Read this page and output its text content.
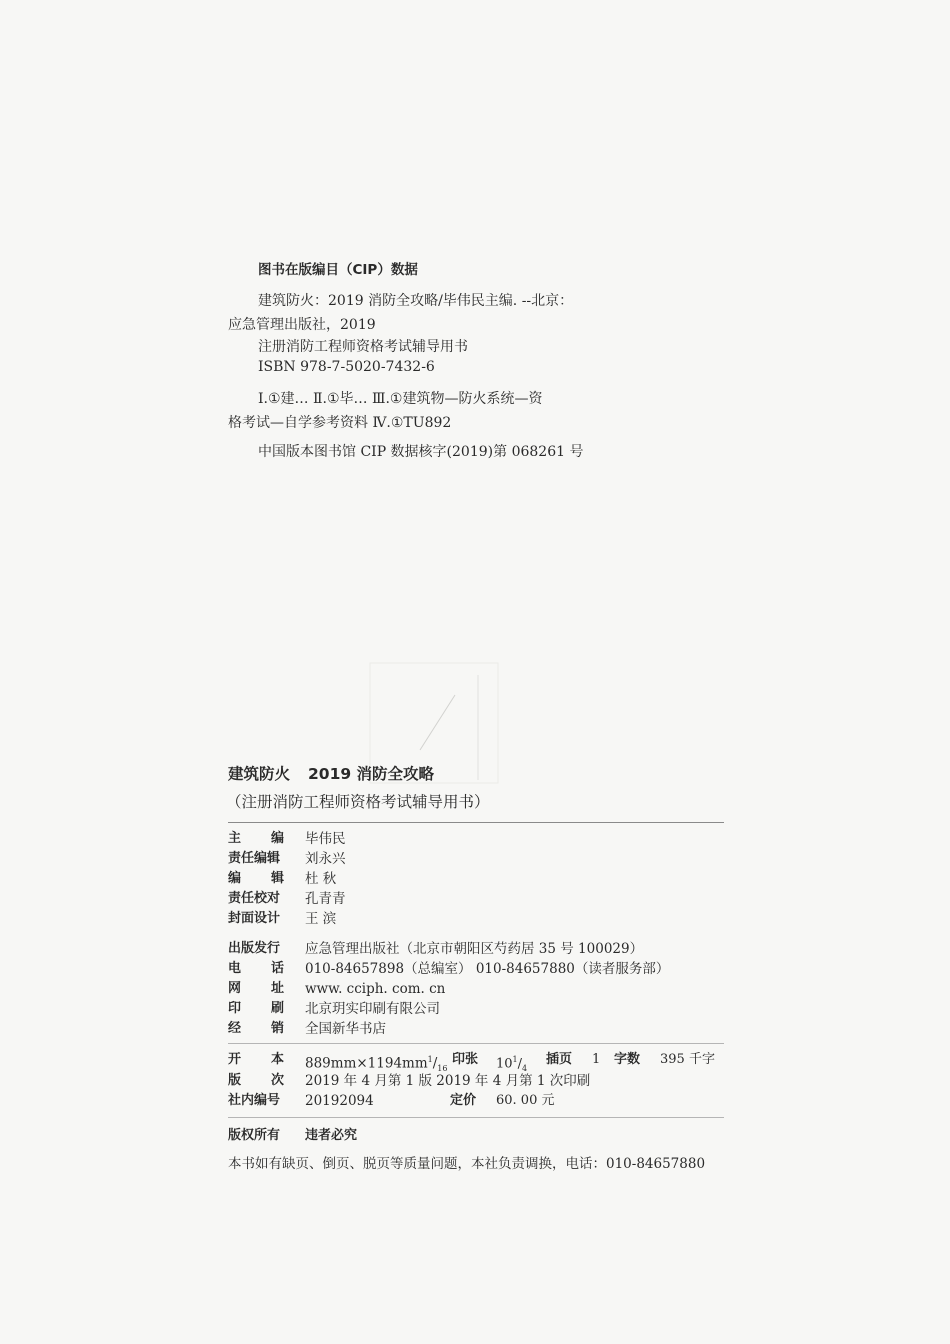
图书在版编目（CIP）数据
建筑防火：2019 消防全攻略/毕伟民主编. --北京：
应急管理出版社，2019
注册消防工程师资格考试辅导用书
ISBN 978-7-5020-7432-6
Ⅰ.①建… Ⅱ.①毕… Ⅲ.①建筑物—防火系统—资
格考试—自学参考资料 Ⅳ.①TU892
中国版本图书馆 CIP 数据核字(2019)第 068261 号
建筑防火 2019 消防全攻略
（注册消防工程师资格考试辅导用书）
主编
毕伟民
责任编辑 刘永兴
编辑
杜 秋
责任校对 孔青青
封面设计 王 滨
出版发行 应急管理出版社（北京市朝阳区芍药居 35 号 100029）
电话
010-84657898（总编室） 010-84657880（读者服务部）
网址
www. cciph. com. cn
印刷
北京玥实印刷有限公司
经销
全国新华书店
开本
$889mm\times 1194mm^1/_{16}$
印张 $10^1/_4$
插页 1 字数 395 千字
版次
2019 年 4 月第 1 版 2019 年 4 月第 1 次印刷
社内编号 20192094	定价 60. 00 元
版权所有 违者必究
本书如有缺页、倒页、脱页等质量问题，本社负责调换，电话：010-84657880
